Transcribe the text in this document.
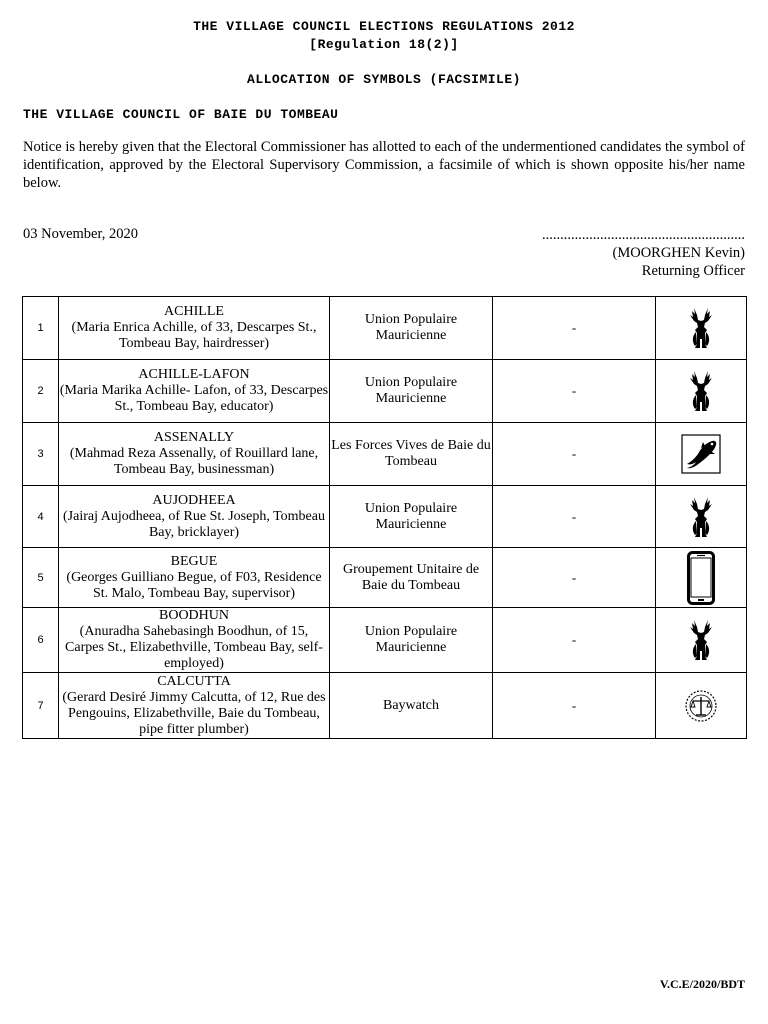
THE VILLAGE COUNCIL ELECTIONS REGULATIONS 2012
[Regulation 18(2)]
ALLOCATION OF SYMBOLS (FACSIMILE)
THE VILLAGE COUNCIL OF BAIE DU TOMBEAU
Notice is hereby given that the Electoral Commissioner has allotted to each of the undermentioned candidates the symbol of identification, approved by the Electoral Supervisory Commission, a facsimile of which is shown opposite his/her name below.
03 November, 2020	........................................................
(MOORGHEN Kevin)
Returning Officer
1	ACHILLE
(Maria Enrica Achille, of 33, Descarpes St., Tombeau Bay, hairdresser)	Union Populaire Mauricienne	-	

2	ACHILLE-LAFON
(Maria Marika Achille- Lafon, of 33, Descarpes St., Tombeau Bay, educator)	Union Populaire Mauricienne	-	

3	ASSENALLY
(Mahmad Reza Assenally, of Rouillard lane, Tombeau Bay, businessman)	Les Forces Vives de Baie du Tombeau	-	

4	AUJODHEEA
(Jairaj Aujodheea, of Rue St. Joseph, Tombeau Bay, bricklayer)	Union Populaire Mauricienne	-	

5	BEGUE
(Georges Guilliano Begue, of F03, Residence St. Malo, Tombeau Bay, supervisor)	Groupement Unitaire de Baie du Tombeau	-	

6	BOODHUN
(Anuradha Sahebasingh Boodhun, of 15, Carpes St., Elizabethville, Tombeau Bay, self-employed)	Union Populaire Mauricienne	-	

7	CALCUTTA
(Gerard Desiré Jimmy Calcutta, of 12, Rue des Pengouins, Elizabethville, Baie du Tombeau, pipe fitter plumber)	Baywatch	-	
V.C.E/2020/BDT
